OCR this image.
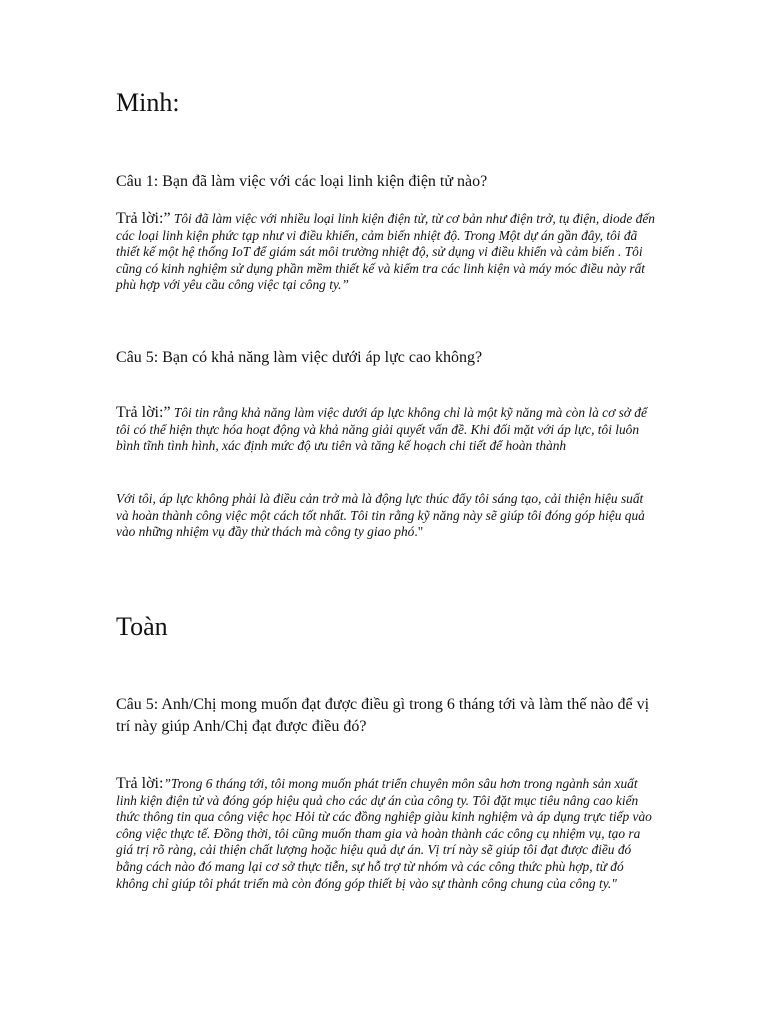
Minh:

Câu 1: Bạn đã làm việc với các loại linh kiện điện tử nào?

Trả lời:” Tôi đã làm việc với nhiều loại linh kiện điện tử, từ cơ bản như điện trở, tụ điện, diode đến các loại linh kiện phức tạp như vi điều khiển, cảm biến nhiệt độ. Trong Một dự án gần đây, tôi đã thiết kế một hệ thống IoT để giám sát môi trường nhiệt độ, sử dụng vi điều khiển và cảm biến . Tôi cũng có kinh nghiệm sử dụng phần mềm thiết kế và kiểm tra các linh kiện và máy móc điều này rất phù hợp với yêu cầu công việc tại công ty.”

Câu 5: Bạn có khả năng làm việc dưới áp lực cao không?

Trả lời:” Tôi tin rằng khả năng làm việc dưới áp lực không chỉ là một kỹ năng mà còn là cơ sở để tôi có thể hiện thực hóa hoạt động và khả năng giải quyết vấn đề. Khi đối mặt với áp lực, tôi luôn bình tĩnh tình hình, xác định mức độ ưu tiên và tăng kế hoạch chi tiết để hoàn thành

Với tôi, áp lực không phải là điều cản trở mà là động lực thúc đẩy tôi sáng tạo, cải thiện hiệu suất và hoàn thành công việc một cách tốt nhất. Tôi tin rằng kỹ năng này sẽ giúp tôi đóng góp hiệu quả vào những nhiệm vụ đầy thử thách mà công ty giao phó."

Toàn

Câu 5: Anh/Chị mong muốn đạt được điều gì trong 6 tháng tới và làm thế nào để vị trí này giúp Anh/Chị đạt được điều đó?

Trả lời:”Trong 6 tháng tới, tôi mong muốn phát triển chuyên môn sâu hơn trong ngành sản xuất linh kiện điện tử và đóng góp hiệu quả cho các dự án của công ty. Tôi đặt mục tiêu nâng cao kiến thức thông tin qua công việc học Hỏi từ các đồng nghiệp giàu kinh nghiệm và áp dụng trực tiếp vào công việc thực tế. Đồng thời, tôi cũng muốn tham gia và hoàn thành các công cụ nhiệm vụ, tạo ra giá trị rõ ràng, cải thiện chất lượng hoặc hiệu quả dự án. Vị trí này sẽ giúp tôi đạt được điều đó bằng cách nào đó mang lại cơ sở thực tiễn, sự hỗ trợ từ nhóm và các công thức phù hợp, từ đó không chỉ giúp tôi phát triển mà còn đóng góp thiết bị vào sự thành công chung của công ty."
